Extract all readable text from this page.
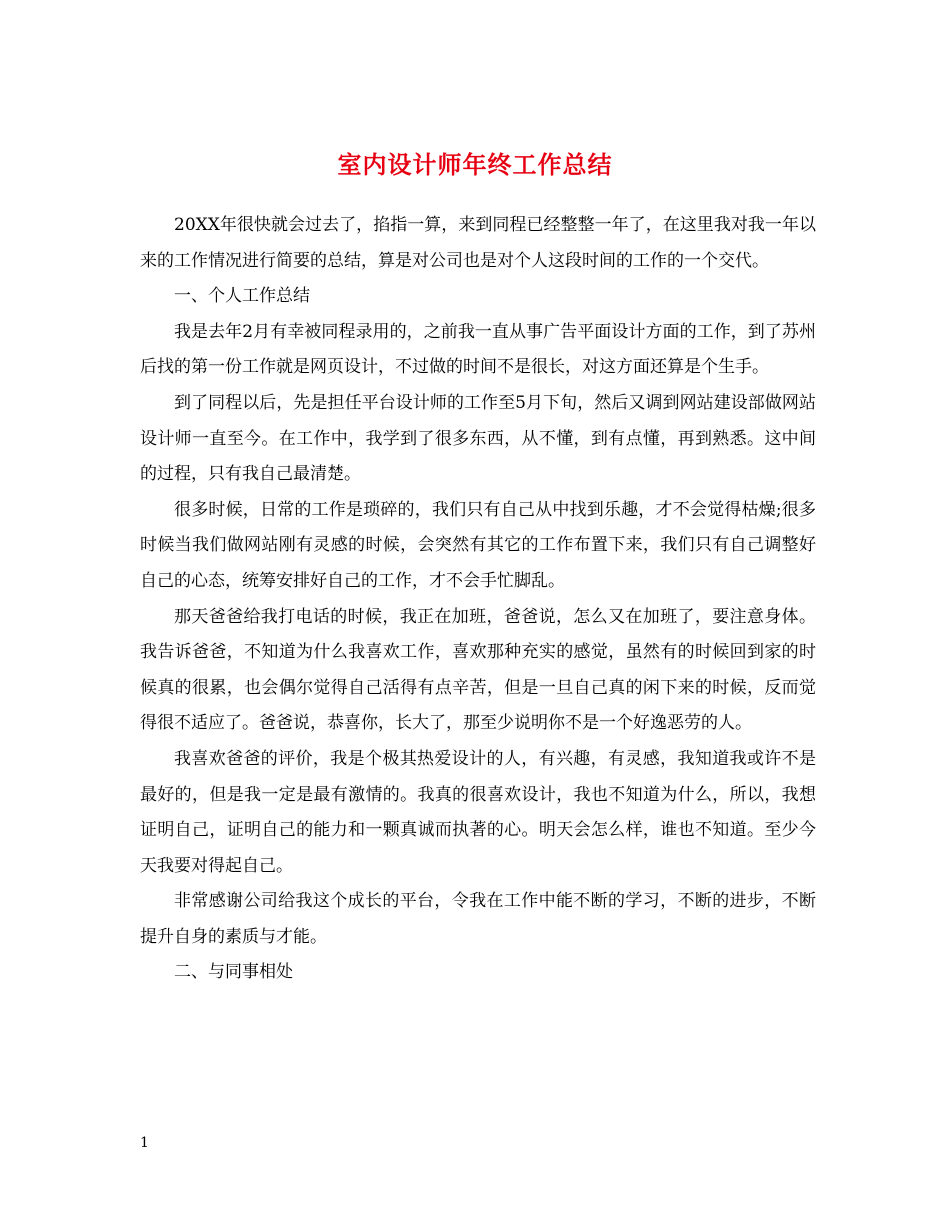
室内设计师年终工作总结

20XX年很快就会过去了，掐指一算，来到同程已经整整一年了，在这里我对我一年以来的工作情况进行简要的总结，算是对公司也是对个人这段时间的工作的一个交代。

一、个人工作总结

我是去年2月有幸被同程录用的，之前我一直从事广告平面设计方面的工作，到了苏州后找的第一份工作就是网页设计，不过做的时间不是很长，对这方面还算是个生手。

到了同程以后，先是担任平台设计师的工作至5月下旬，然后又调到网站建设部做网站设计师一直至今。在工作中，我学到了很多东西，从不懂，到有点懂，再到熟悉。这中间的过程，只有我自己最清楚。

很多时候，日常的工作是琐碎的，我们只有自己从中找到乐趣，才不会觉得枯燥;很多时候当我们做网站刚有灵感的时候，会突然有其它的工作布置下来，我们只有自己调整好自己的心态，统筹安排好自己的工作，才不会手忙脚乱。

那天爸爸给我打电话的时候，我正在加班，爸爸说，怎么又在加班了，要注意身体。我告诉爸爸，不知道为什么我喜欢工作，喜欢那种充实的感觉，虽然有的时候回到家的时候真的很累，也会偶尔觉得自己活得有点辛苦，但是一旦自己真的闲下来的时候，反而觉得很不适应了。爸爸说，恭喜你，长大了，那至少说明你不是一个好逸恶劳的人。

我喜欢爸爸的评价，我是个极其热爱设计的人，有兴趣，有灵感，我知道我或许不是最好的，但是我一定是最有激情的。我真的很喜欢设计，我也不知道为什么，所以，我想证明自己，证明自己的能力和一颗真诚而执著的心。明天会怎么样，谁也不知道。至少今天我要对得起自己。

非常感谢公司给我这个成长的平台，令我在工作中能不断的学习，不断的进步，不断提升自身的素质与才能。

二、与同事相处

1
